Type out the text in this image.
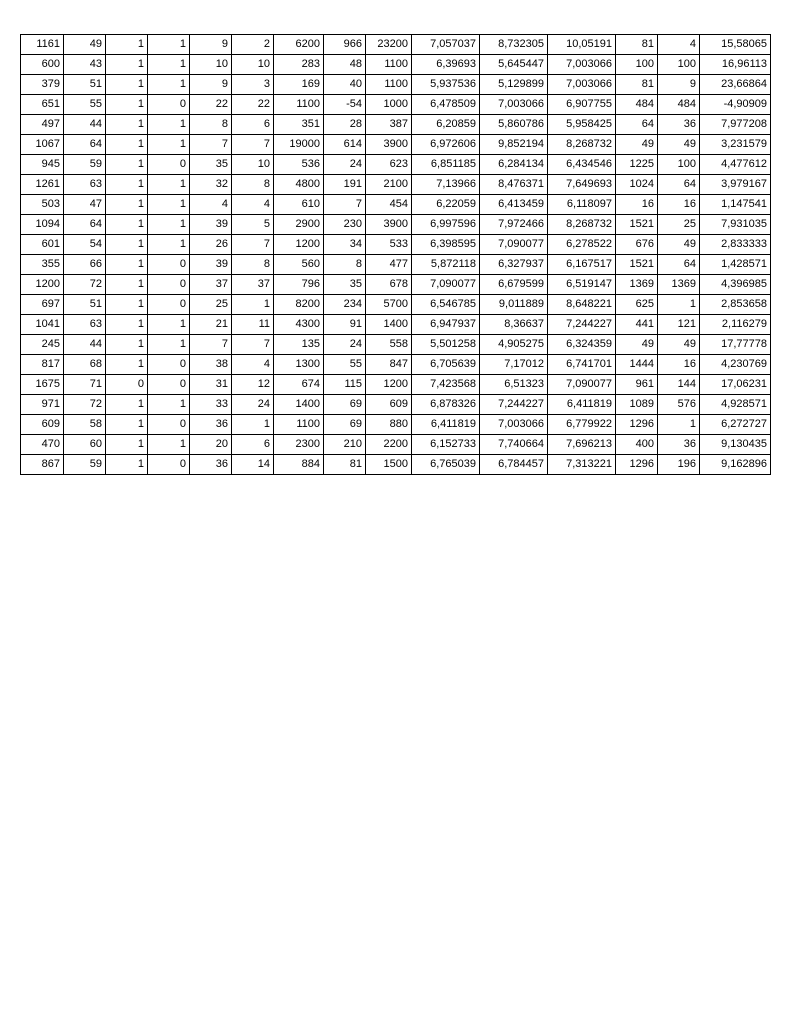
1161	49	1	1	9	2	6200	966	23200	7,057037	8,732305	10,05191	81	4	15,58065
600	43	1	1	10	10	283	48	1100	6,39693	5,645447	7,003066	100	100	16,96113
379	51	1	1	9	3	169	40	1100	5,937536	5,129899	7,003066	81	9	23,66864
651	55	1	0	22	22	1100	-54	1000	6,478509	7,003066	6,907755	484	484	-4,90909
497	44	1	1	8	6	351	28	387	6,20859	5,860786	5,958425	64	36	7,977208
1067	64	1	1	7	7	19000	614	3900	6,972606	9,852194	8,268732	49	49	3,231579
945	59	1	0	35	10	536	24	623	6,851185	6,284134	6,434546	1225	100	4,477612
1261	63	1	1	32	8	4800	191	2100	7,13966	8,476371	7,649693	1024	64	3,979167
503	47	1	1	4	4	610	7	454	6,22059	6,413459	6,118097	16	16	1,147541
1094	64	1	1	39	5	2900	230	3900	6,997596	7,972466	8,268732	1521	25	7,931035
601	54	1	1	26	7	1200	34	533	6,398595	7,090077	6,278522	676	49	2,833333
355	66	1	0	39	8	560	8	477	5,872118	6,327937	6,167517	1521	64	1,428571
1200	72	1	0	37	37	796	35	678	7,090077	6,679599	6,519147	1369	1369	4,396985
697	51	1	0	25	1	8200	234	5700	6,546785	9,011889	8,648221	625	1	2,853658
1041	63	1	1	21	11	4300	91	1400	6,947937	8,36637	7,244227	441	121	2,116279
245	44	1	1	7	7	135	24	558	5,501258	4,905275	6,324359	49	49	17,77778
817	68	1	0	38	4	1300	55	847	6,705639	7,17012	6,741701	1444	16	4,230769
1675	71	0	0	31	12	674	115	1200	7,423568	6,51323	7,090077	961	144	17,06231
971	72	1	1	33	24	1400	69	609	6,878326	7,244227	6,411819	1089	576	4,928571
609	58	1	0	36	1	1100	69	880	6,411819	7,003066	6,779922	1296	1	6,272727
470	60	1	1	20	6	2300	210	2200	6,152733	7,740664	7,696213	400	36	9,130435
867	59	1	0	36	14	884	81	1500	6,765039	6,784457	7,313221	1296	196	9,162896
